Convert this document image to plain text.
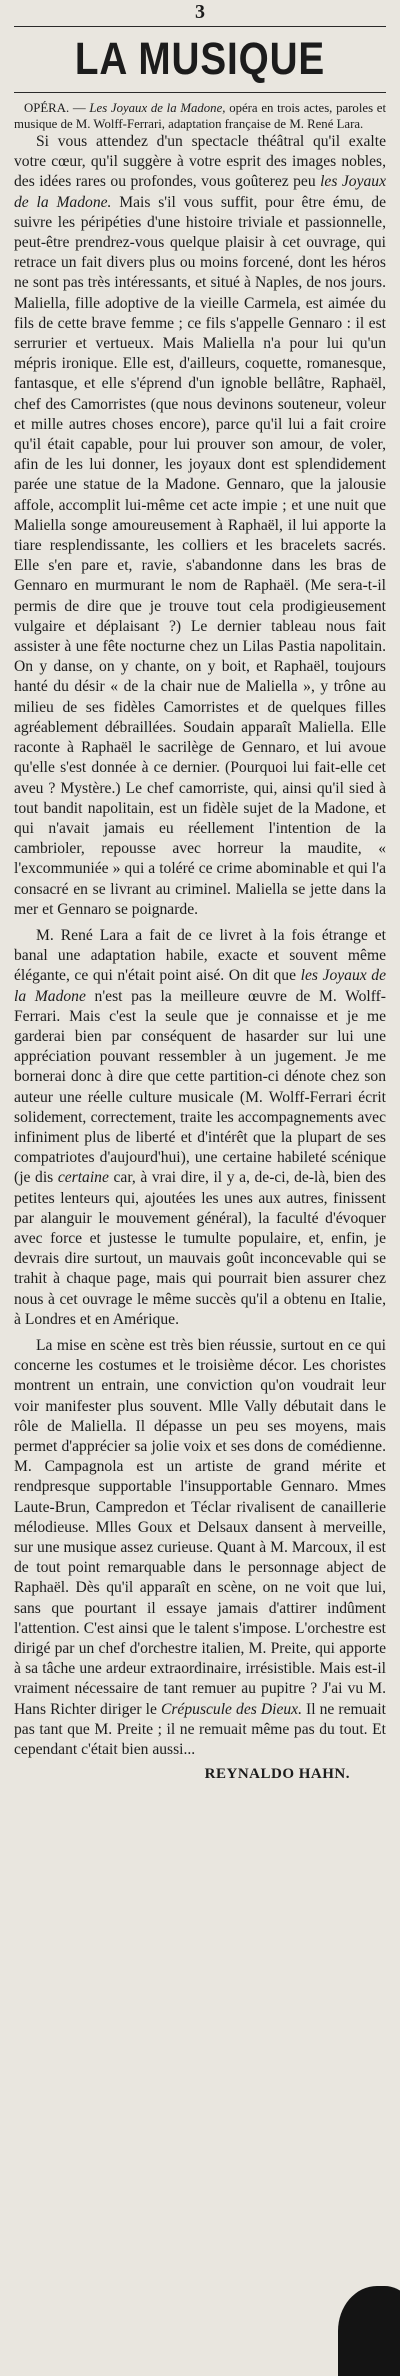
3
LA MUSIQUE

OPÉRA. — Les Joyaux de la Madone, opéra en trois actes, paroles et musique de M. Wolff-Ferrari, adaptation française de M. René Lara.

Si vous attendez d'un spectacle théâtral qu'il exalte votre cœur, qu'il suggère à votre esprit des images nobles, des idées rares ou profondes, vous goûterez peu les Joyaux de la Madone. Mais s'il vous suffit, pour être ému, de suivre les péripéties d'une histoire triviale et passionnelle, peut-être prendrez-vous quelque plaisir à cet ouvrage, qui retrace un fait divers plus ou moins forcené, dont les héros ne sont pas très intéressants, et situé à Naples, de nos jours. Maliella, fille adoptive de la vieille Carmela, est aimée du fils de cette brave femme ; ce fils s'appelle Gennaro : il est serrurier et vertueux. Mais Maliella n'a pour lui qu'un mépris ironique. Elle est, d'ailleurs, coquette, romanesque, fantasque, et elle s'éprend d'un ignoble bellâtre, Raphaël, chef des Camorristes (que nous devinons souteneur, voleur et mille autres choses encore), parce qu'il lui a fait croire qu'il était capable, pour lui prouver son amour, de voler, afin de les lui donner, les joyaux dont est splendidement parée une statue de la Madone. Gennaro, que la jalousie affole, accomplit lui-même cet acte impie ; et une nuit que Maliella songe amoureusement à Raphaël, il lui apporte la tiare resplendissante, les colliers et les bracelets sacrés. Elle s'en pare et, ravie, s'abandonne dans les bras de Gennaro en murmurant le nom de Raphaël. (Me sera-t-il permis de dire que je trouve tout cela prodigieusement vulgaire et déplaisant ?) Le dernier tableau nous fait assister à une fête nocturne chez un Lilas Pastia napolitain. On y danse, on y chante, on y boit, et Raphaël, toujours hanté du désir « de la chair nue de Maliella », y trône au milieu de ses fidèles Camorristes et de quelques filles agréablement débraillées. Soudain apparaît Maliella. Elle raconte à Raphaël le sacrilège de Gennaro, et lui avoue qu'elle s'est donnée à ce dernier. (Pourquoi lui fait-elle cet aveu ? Mystère.) Le chef camorriste, qui, ainsi qu'il sied à tout bandit napolitain, est un fidèle sujet de la Madone, et qui n'avait jamais eu réellement l'intention de la cambrioler, repousse avec horreur la maudite, « l'excommuniée » qui a toléré ce crime abominable et qui l'a consacré en se livrant au criminel. Maliella se jette dans la mer et Gennaro se poignarde.

M. René Lara a fait de ce livret à la fois étrange et banal une adaptation habile, exacte et souvent même élégante, ce qui n'était point aisé. On dit que les Joyaux de la Madone n'est pas la meilleure œuvre de M. Wolff-Ferrari. Mais c'est la seule que je connaisse et je me garderai bien par conséquent de hasarder sur lui une appréciation pouvant ressembler à un jugement. Je me bornerai donc à dire que cette partition-ci dénote chez son auteur une réelle culture musicale (M. Wolff-Ferrari écrit solidement, correctement, traite les accompagnements avec infiniment plus de liberté et d'intérêt que la plupart de ses compatriotes d'aujourd'hui), une certaine habileté scénique (je dis certaine car, à vrai dire, il y a, de-ci, de-là, bien des petites lenteurs qui, ajoutées les unes aux autres, finissent par alanguir le mouvement général), la faculté d'évoquer avec force et justesse le tumulte populaire, et, enfin, je devrais dire surtout, un mauvais goût inconcevable qui se trahit à chaque page, mais qui pourrait bien assurer chez nous à cet ouvrage le même succès qu'il a obtenu en Italie, à Londres et en Amérique.

La mise en scène est très bien réussie, surtout en ce qui concerne les costumes et le troisième décor. Les choristes montrent un entrain, une conviction qu'on voudrait leur voir manifester plus souvent. Mlle Vally débutait dans le rôle de Maliella. Il dépasse un peu ses moyens, mais permet d'apprécier sa jolie voix et ses dons de comédienne. M. Campagnola est un artiste de grand mérite et rendpresque supportable l'insupportable Gennaro. Mmes Laute-Brun, Campredon et Téclar rivalisent de canaillerie mélodieuse. Mlles Goux et Delsaux dansent à merveille, sur une musique assez curieuse. Quant à M. Marcoux, il est de tout point remarquable dans le personnage abject de Raphaël. Dès qu'il apparaît en scène, on ne voit que lui, sans que pourtant il essaye jamais d'attirer indûment l'attention. C'est ainsi que le talent s'impose. L'orchestre est dirigé par un chef d'orchestre italien, M. Preite, qui apporte à sa tâche une ardeur extraordinaire, irrésistible. Mais est-il vraiment nécessaire de tant remuer au pupitre ? J'ai vu M. Hans Richter diriger le Crépuscule des Dieux. Il ne remuait pas tant que M. Preite ; il ne remuait même pas du tout. Et cependant c'était bien aussi...

REYNALDO HAHN.
